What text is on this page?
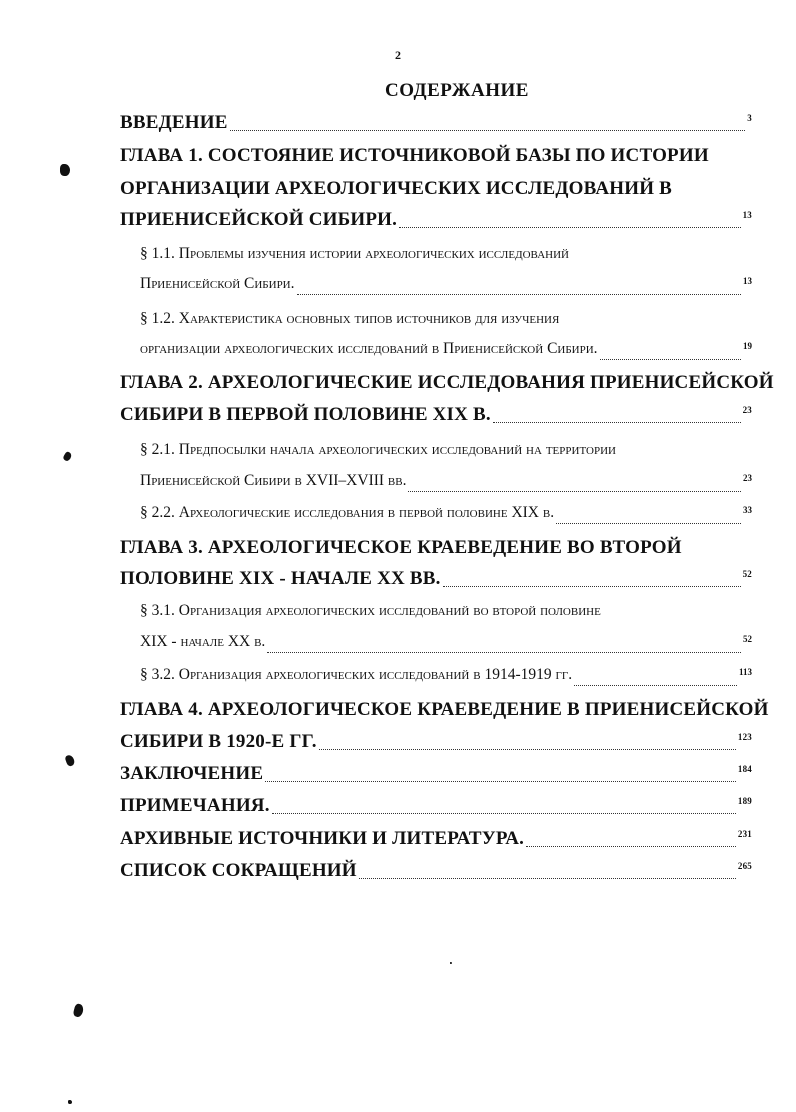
2
СОДЕРЖАНИЕ
ВВЕДЕНИЕ	3
ГЛАВА 1. СОСТОЯНИЕ ИСТОЧНИКОВОЙ БАЗЫ ПО ИСТОРИИ
ОРГАНИЗАЦИИ АРХЕОЛОГИЧЕСКИХ ИССЛЕДОВАНИЙ В
ПРИЕНИСЕЙСКОЙ СИБИРИ.	13
§ 1.1. Проблемы изучения истории археологических исследований
Приенисейской Сибири.	13
§ 1.2. Характеристика основных типов источников для изучения
организации археологических исследований в Приенисейской Сибири.	19
ГЛАВА 2. АРХЕОЛОГИЧЕСКИЕ ИССЛЕДОВАНИЯ ПРИЕНИСЕЙСКОЙ
СИБИРИ В ПЕРВОЙ ПОЛОВИНЕ XIX В.	23
§ 2.1. Предпосылки начала археологических исследований на территории
Приенисейской Сибири в XVII–XVIII вв.	23
§ 2.2. Археологические исследования в первой половине XIX в.	33
ГЛАВА 3. АРХЕОЛОГИЧЕСКОЕ КРАЕВЕДЕНИЕ ВО ВТОРОЙ
ПОЛОВИНЕ XIX - НАЧАЛЕ XX ВВ.	52
§ 3.1. Организация археологических исследований во второй половине
XIX - начале XX в.	52
§ 3.2. Организация археологических исследований в 1914-1919 гг.	113
ГЛАВА 4. АРХЕОЛОГИЧЕСКОЕ КРАЕВЕДЕНИЕ В ПРИЕНИСЕЙСКОЙ
СИБИРИ В 1920-Е ГГ.	123
ЗАКЛЮЧЕНИЕ	184
ПРИМЕЧАНИЯ.	189
АРХИВНЫЕ ИСТОЧНИКИ И ЛИТЕРАТУРА.	231
СПИСОК СОКРАЩЕНИЙ	265
